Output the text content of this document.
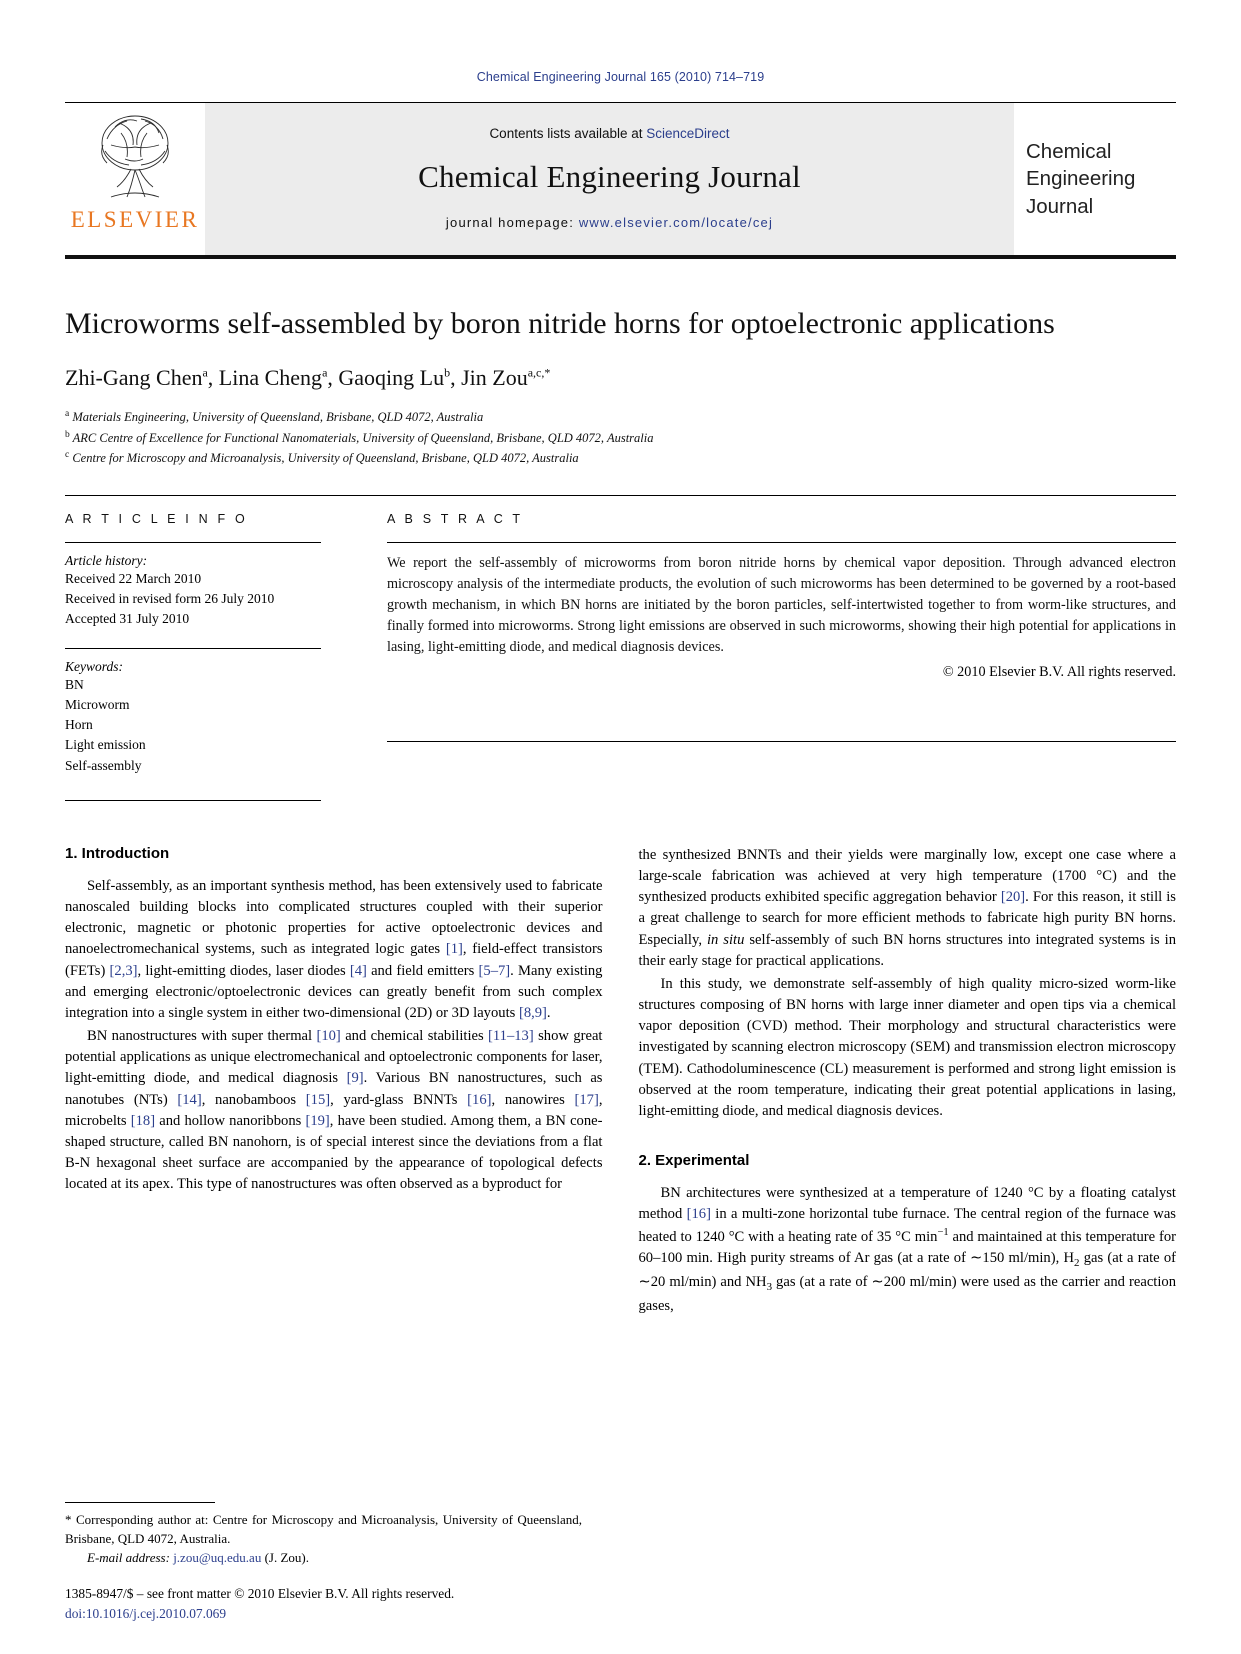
Chemical Engineering Journal 165 (2010) 714–719
ELSEVIER
Contents lists available at ScienceDirect
Chemical Engineering Journal
journal homepage: www.elsevier.com/locate/cej
Chemical
Engineering
Journal
Microworms self-assembled by boron nitride horns for optoelectronic applications
Zhi-Gang Chen$^a$, Lina Cheng$^a$, Gaoqing Lu$^b$, Jin Zou$^{a,c,*}$
$^a$ Materials Engineering, University of Queensland, Brisbane, QLD 4072, Australia
$^b$ ARC Centre of Excellence for Functional Nanomaterials, University of Queensland, Brisbane, QLD 4072, Australia
$^c$ Centre for Microscopy and Microanalysis, University of Queensland, Brisbane, QLD 4072, Australia
A R T I C L E I N F O
Article history:
Received 22 March 2010
Received in revised form 26 July 2010
Accepted 31 July 2010
Keywords:
BN
Microworm
Horn
Light emission
Self-assembly
A B S T R A C T
We report the self-assembly of microworms from boron nitride horns by chemical vapor deposition. Through advanced electron microscopy analysis of the intermediate products, the evolution of such microworms has been determined to be governed by a root-based growth mechanism, in which BN horns are initiated by the boron particles, self-intertwisted together to from worm-like structures, and finally formed into microworms. Strong light emissions are observed in such microworms, showing their high potential for applications in lasing, light-emitting diode, and medical diagnosis devices.
© 2010 Elsevier B.V. All rights reserved.
1. Introduction

Self-assembly, as an important synthesis method, has been extensively used to fabricate nanoscaled building blocks into complicated structures coupled with their superior electronic, magnetic or photonic properties for active optoelectronic devices and nanoelectromechanical systems, such as integrated logic gates [1], field-effect transistors (FETs) [2,3], light-emitting diodes, laser diodes [4] and field emitters [5–7]. Many existing and emerging electronic/optoelectronic devices can greatly benefit from such complex integration into a single system in either two-dimensional (2D) or 3D layouts [8,9].

BN nanostructures with super thermal [10] and chemical stabilities [11–13] show great potential applications as unique electromechanical and optoelectronic components for laser, light-emitting diode, and medical diagnosis [9]. Various BN nanostructures, such as nanotubes (NTs) [14], nanobamboos [15], yard-glass BNNTs [16], nanowires [17], microbelts [18] and hollow nanoribbons [19], have been studied. Among them, a BN cone-shaped structure, called BN nanohorn, is of special interest since the deviations from a flat B-N hexagonal sheet surface are accompanied by the appearance of topological defects located at its apex. This type of nanostructures was often observed as a byproduct for

the synthesized BNNTs and their yields were marginally low, except one case where a large-scale fabrication was achieved at very high temperature (1700 °C) and the synthesized products exhibited specific aggregation behavior [20]. For this reason, it still is a great challenge to search for more efficient methods to fabricate high purity BN horns. Especially, in situ self-assembly of such BN horns structures into integrated systems is in their early stage for practical applications.

In this study, we demonstrate self-assembly of high quality micro-sized worm-like structures composing of BN horns with large inner diameter and open tips via a chemical vapor deposition (CVD) method. Their morphology and structural characteristics were investigated by scanning electron microscopy (SEM) and transmission electron microscopy (TEM). Cathodoluminescence (CL) measurement is performed and strong light emission is observed at the room temperature, indicating their great potential applications in lasing, light-emitting diode, and medical diagnosis devices.

2. Experimental

BN architectures were synthesized at a temperature of 1240 °C by a floating catalyst method [16] in a multi-zone horizontal tube furnace. The central region of the furnace was heated to 1240 °C with a heating rate of 35 °C $\min^{-1}$ and maintained at this temperature for 60–100 min. High purity streams of Ar gas (at a rate of ∼150 ml/min), $H_2$ gas (at a rate of ∼20 ml/min) and $NH_3$ gas (at a rate of ∼200 ml/min) were used as the carrier and reaction gases,

* Corresponding author at: Centre for Microscopy and Microanalysis, University of Queensland, Brisbane, QLD 4072, Australia.
E-mail address: j.zou@uq.edu.au (J. Zou).
1385-8947/$ – see front matter © 2010 Elsevier B.V. All rights reserved.
doi:10.1016/j.cej.2010.07.069
